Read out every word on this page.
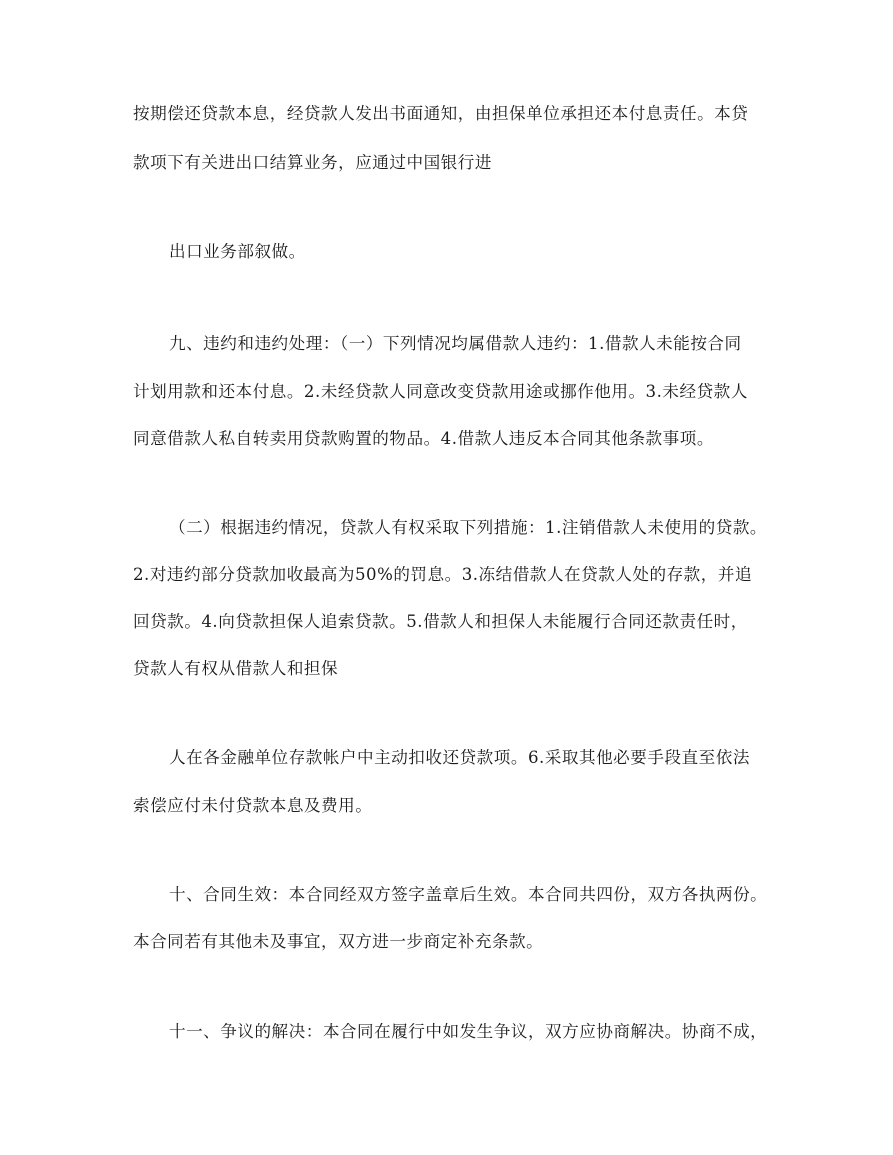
按期偿还贷款本息，经贷款人发出书面通知，由担保单位承担还本付息责任。本贷
款项下有关进出口结算业务，应通过中国银行进
出口业务部叙做。
九、违约和违约处理：（一）下列情况均属借款人违约：1.借款人未能按合同
计划用款和还本付息。2.未经贷款人同意改变贷款用途或挪作他用。3.未经贷款人
同意借款人私自转卖用贷款购置的物品。4.借款人违反本合同其他条款事项。
（二）根据违约情况，贷款人有权采取下列措施：1.注销借款人未使用的贷款。
2.对违约部分贷款加收最高为50%的罚息。3.冻结借款人在贷款人处的存款，并追
回贷款。4.向贷款担保人追索贷款。5.借款人和担保人未能履行合同还款责任时，
贷款人有权从借款人和担保
人在各金融单位存款帐户中主动扣收还贷款项。6.采取其他必要手段直至依法
索偿应付未付贷款本息及费用。
十、合同生效：本合同经双方签字盖章后生效。本合同共四份，双方各执两份。
本合同若有其他未及事宜，双方进一步商定补充条款。
十一、争议的解决：本合同在履行中如发生争议，双方应协商解决。协商不成，
